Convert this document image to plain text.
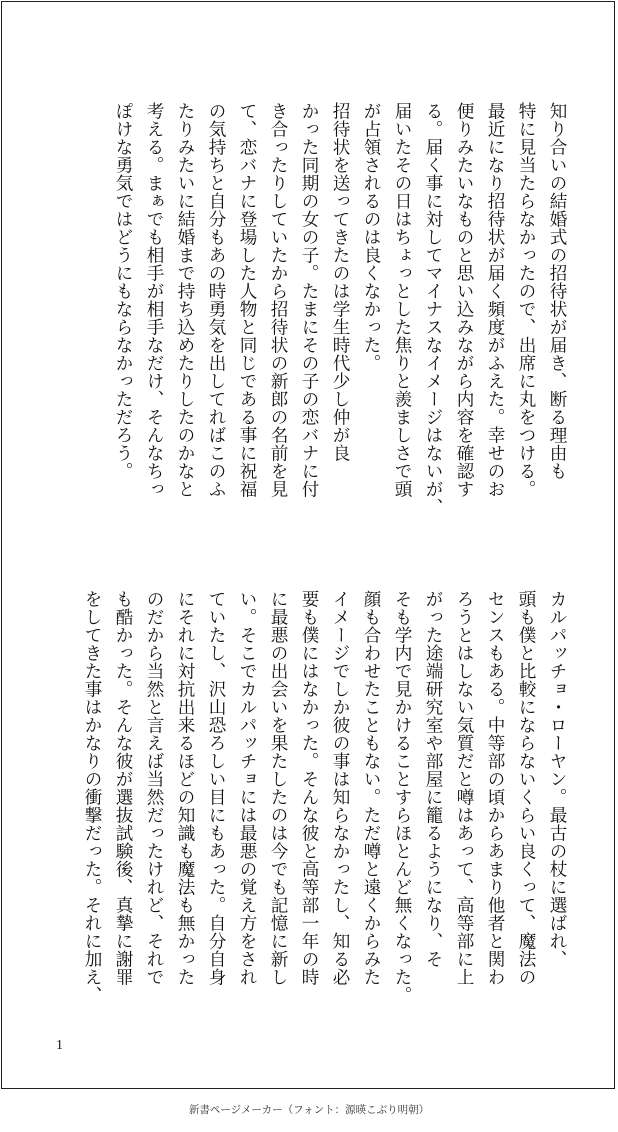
知り合いの結婚式の招待状が届き、断る理由も

特に見当たらなかったので、出席に丸をつける。

最近になり招待状が届く頻度がふえた。幸せのお

便りみたいなものと思い込みながら内容を確認す

る。届く事に対してマイナスなイメージはないが、

届いたその日はちょっとした焦りと羨ましさで頭

が占領されるのは良くなかった。

招待状を送ってきたのは学生時代少し仲が良

かった同期の女の子。たまにその子の恋バナに付

き合ったりしていたから招待状の新郎の名前を見

て、恋バナに登場した人物と同じである事に祝福

の気持ちと自分もあの時勇気を出してればこのふ

たりみたいに結婚まで持ち込めたりしたのかなと

考える。まぁでも相手が相手なだけ、そんなちっ

ぽけな勇気ではどうにもならなかっただろう。

カルパッチョ・ローヤン。最古の杖に選ばれ、

頭も僕と比較にならないくらい良くって、魔法の

センスもある。中等部の頃からあまり他者と関わ

ろうとはしない気質だと噂はあって、高等部に上

がった途端研究室や部屋に籠るようになり、そ

そも学内で見かけることすらほとんど無くなった。

顔も合わせたこともない。ただ噂と遠くからみた

イメージでしか彼の事は知らなかったし、知る必

要も僕にはなかった。そんな彼と高等部一年の時

に最悪の出会いを果たしたのは今でも記憶に新し

い。そこでカルパッチョには最悪の覚え方をされ

ていたし、沢山恐ろしい目にもあった。自分自身

にそれに対抗出来るほどの知識も魔法も無かった

のだから当然と言えば当然だったけれど、それで

も酷かった。そんな彼が選抜試験後、真摯に謝罪

をしてきた事はかなりの衝撃だった。それに加え、

1
新書ページメーカー（フォント：源暎こぶり明朝）
